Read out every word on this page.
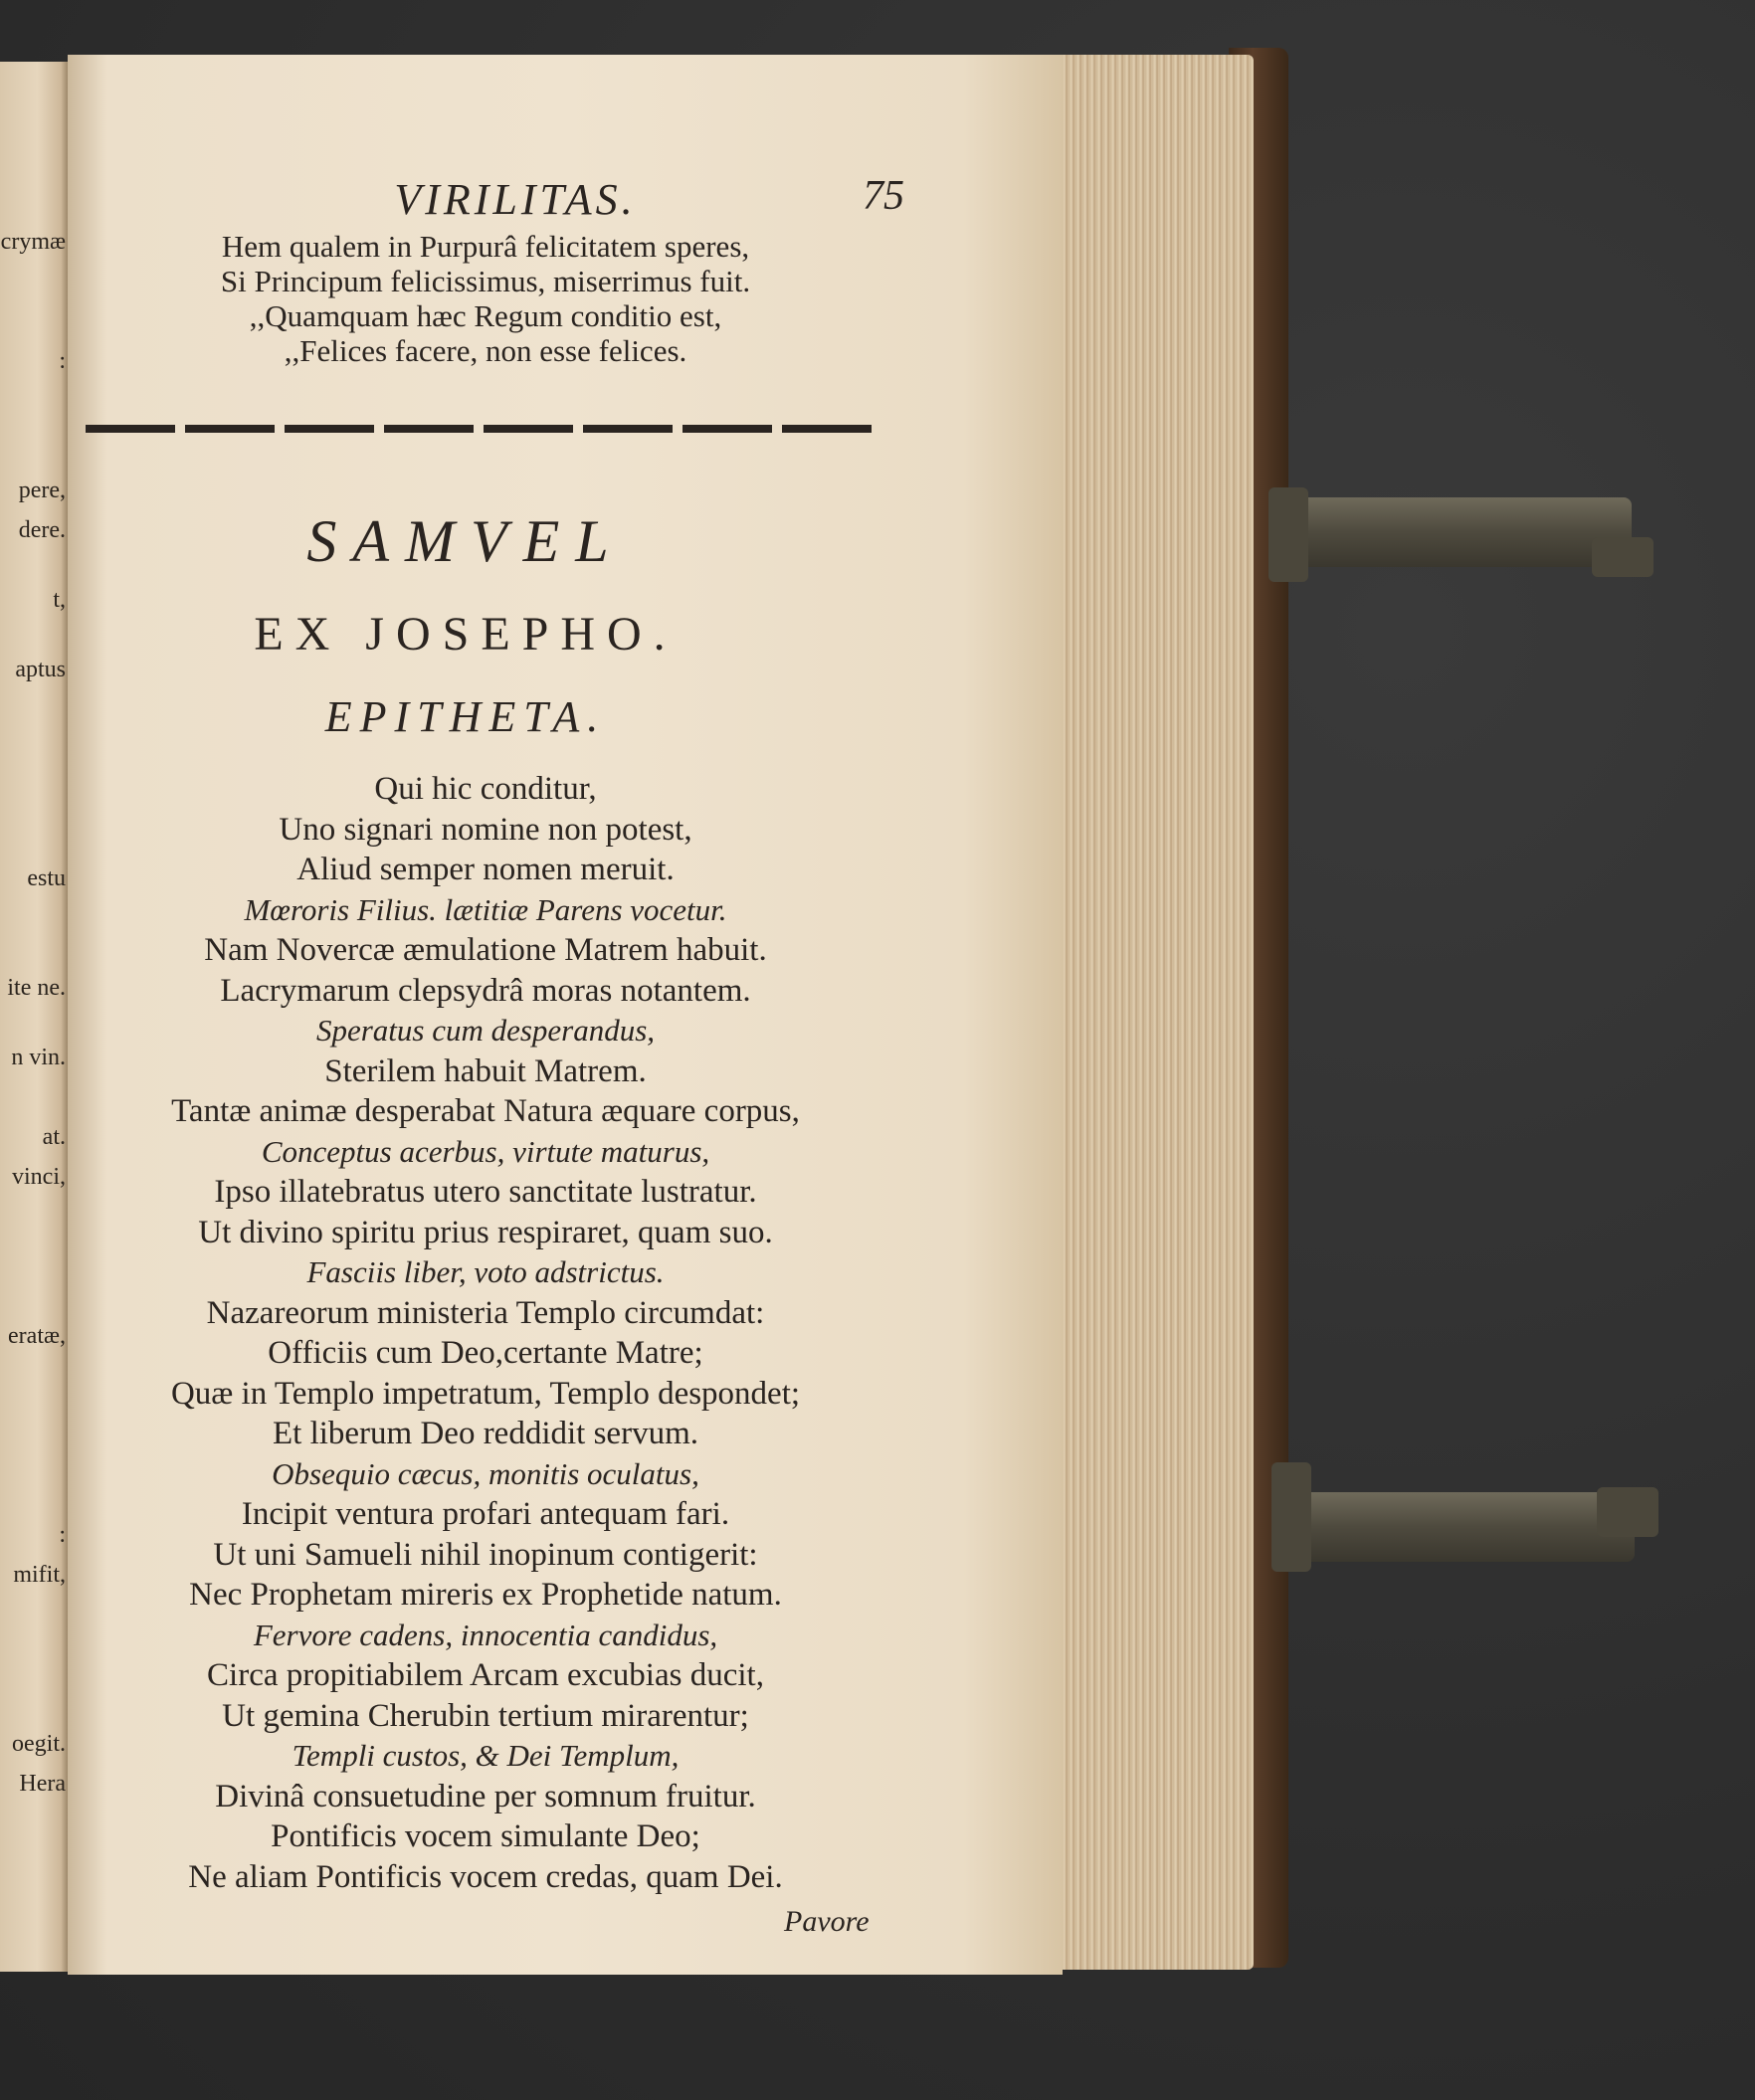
crymæ
:
pere,
dere.
t,
aptus
estu
ite ne.
n vin.
at.
vinci,
eratæ,
:
mifit,
oegit.
Hera
VIRILITAS.	75
Hem qualem in Purpurâ felicitatem speres,
Si Principum felicissimus, miserrimus fuit.
,,Quamquam hæc Regum conditio est,
,,Felices facere, non esse felices.
SAMVEL
EX JOSEPHO.
EPITHETA.
Qui hic conditur,
Uno signari nomine non potest,
Aliud semper nomen meruit.
Mœroris Filius. lætitiæ Parens vocetur.
Nam Novercæ æmulatione Matrem habuit.
Lacrymarum clepsydrâ moras notantem.
Speratus cum desperandus,
Sterilem habuit Matrem.
Tantæ animæ desperabat Natura æquare corpus,
Conceptus acerbus, virtute maturus,
Ipso illatebratus utero sanctitate lustratur.
Ut divino spiritu prius respiraret, quam suo.
Fasciis liber, voto adstrictus.
Nazareorum ministeria Templo circumdat:
Officiis cum Deo,certante Matre;
Quæ in Templo impetratum, Templo despondet;
Et liberum Deo reddidit servum.
Obsequio cæcus, monitis oculatus,
Incipit ventura profari antequam fari.
Ut uni Samueli nihil inopinum contigerit:
Nec Prophetam mireris ex Prophetide natum.
Fervore cadens, innocentia candidus,
Circa propitiabilem Arcam excubias ducit,
Ut gemina Cherubin tertium mirarentur;
Templi custos, & Dei Templum,
Divinâ consuetudine per somnum fruitur.
Pontificis vocem simulante Deo;
Ne aliam Pontificis vocem credas, quam Dei.
Pavore
